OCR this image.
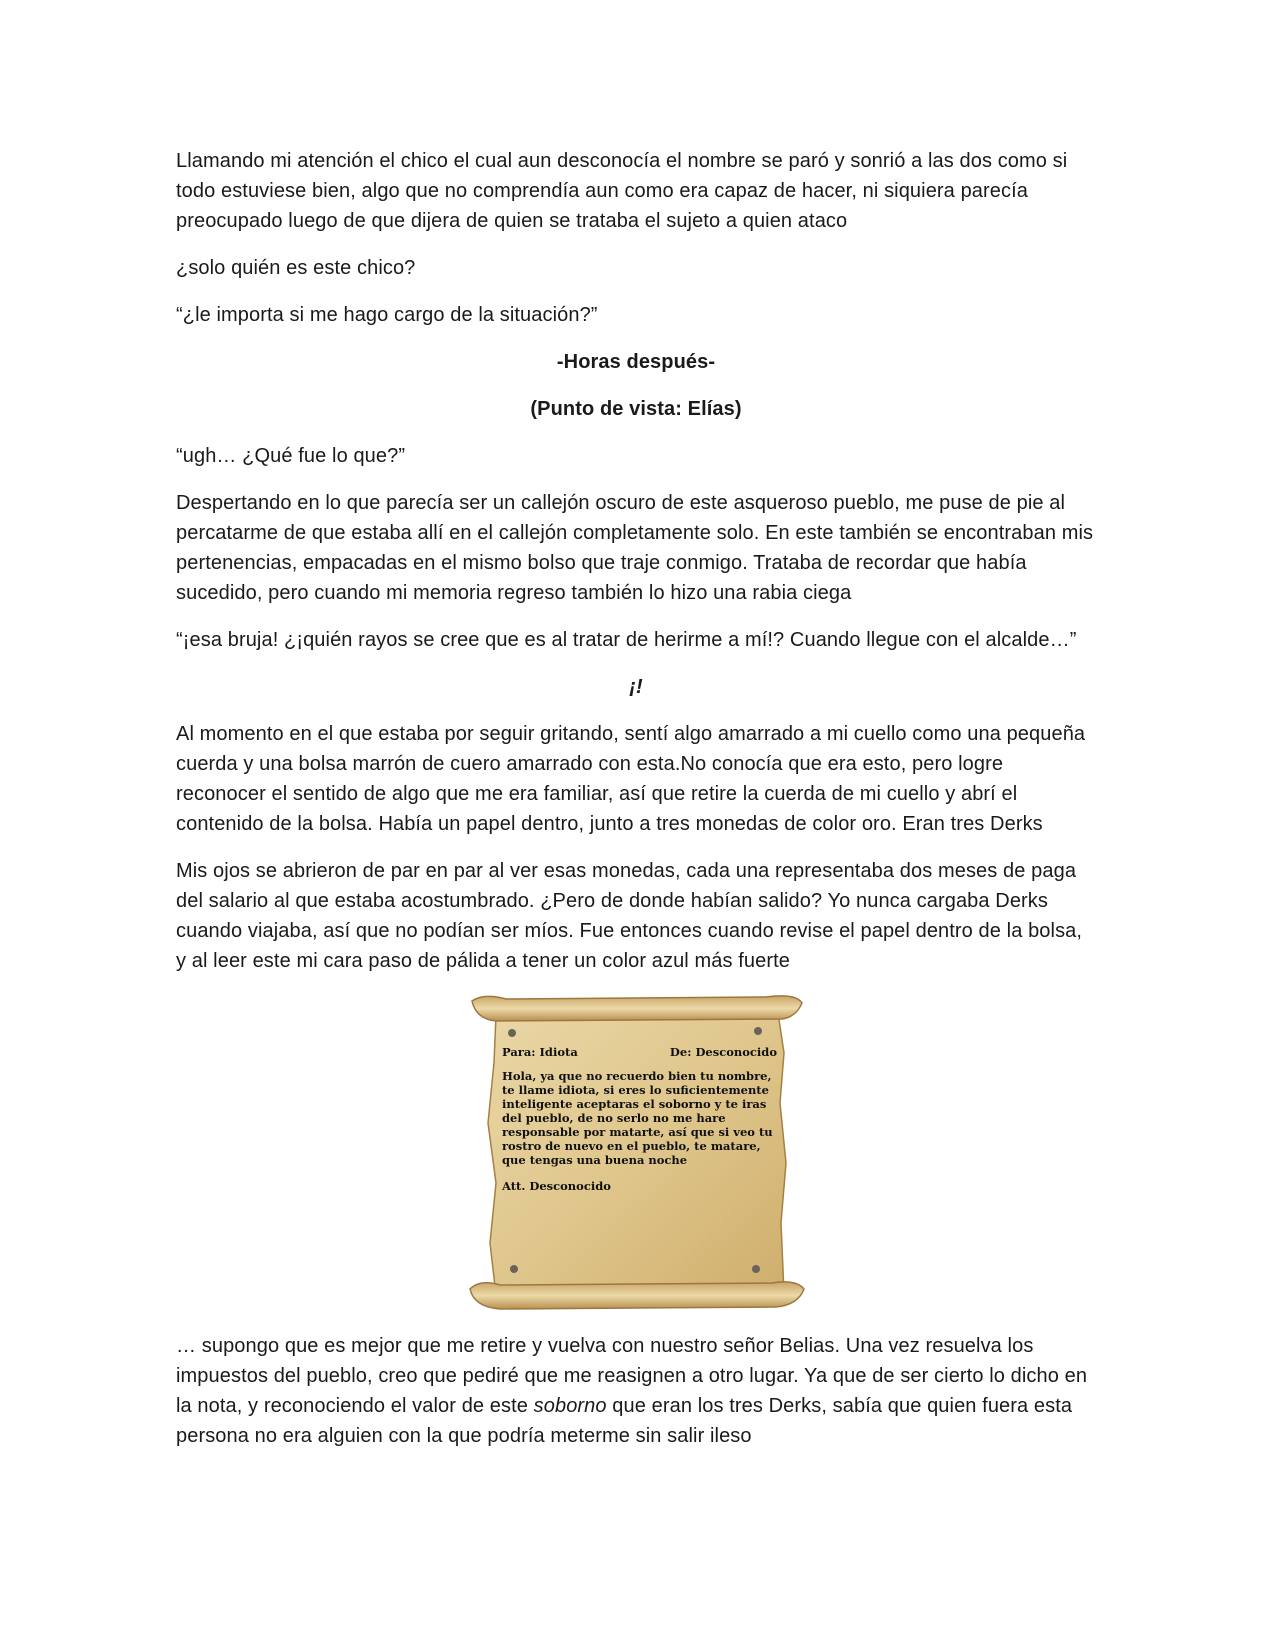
Llamando mi atención el chico el cual aun desconocía el nombre se paró y sonrió a las dos como si todo estuviese bien, algo que no comprendía aun como era capaz de hacer, ni siquiera parecía preocupado luego de que dijera de quien se trataba el sujeto a quien ataco

¿solo quién es este chico?

“¿le importa si me hago cargo de la situación?”

-Horas después-

(Punto de vista: Elías)

“ugh… ¿Qué fue lo que?”

Despertando en lo que parecía ser un callejón oscuro de este asqueroso pueblo, me puse de pie al percatarme de que estaba allí en el callejón completamente solo. En este también se encontraban mis pertenencias, empacadas en el mismo bolso que traje conmigo. Trataba de recordar que había sucedido, pero cuando mi memoria regreso también lo hizo una rabia ciega

“¡esa bruja! ¿¡quién rayos se cree que es al tratar de herirme a mí!? Cuando llegue con el alcalde…”

¡!

Al momento en el que estaba por seguir gritando, sentí algo amarrado a mi cuello como una pequeña cuerda y una bolsa marrón de cuero amarrado con esta.No conocía que era esto, pero logre reconocer el sentido de algo que me era familiar, así que retire la cuerda de mi cuello y abrí el contenido de la bolsa. Había un papel dentro, junto a tres monedas de color oro. Eran tres Derks

Mis ojos se abrieron de par en par al ver esas monedas, cada una representaba dos meses de paga del salario al que estaba acostumbrado. ¿Pero de donde habían salido? Yo nunca cargaba Derks cuando viajaba, así que no podían ser míos. Fue entonces cuando revise el papel dentro de la bolsa, y al leer este mi cara paso de pálida a tener un color azul más fuerte

Para: Idiota	De: Desconocido
Hola, ya que no recuerdo bien tu nombre, te llame idiota, si eres lo suficientemente inteligente aceptaras el soborno y te iras del pueblo, de no serlo no me hare responsable por matarte, así que si veo tu rostro de nuevo en el pueblo, te matare, que tengas una buena noche
Att. Desconocido

… supongo que es mejor que me retire y vuelva con nuestro señor Belias. Una vez resuelva los impuestos del pueblo, creo que pediré que me reasignen a otro lugar. Ya que de ser cierto lo dicho en la nota, y reconociendo el valor de este soborno que eran los tres Derks, sabía que quien fuera esta persona no era alguien con la que podría meterme sin salir ileso
